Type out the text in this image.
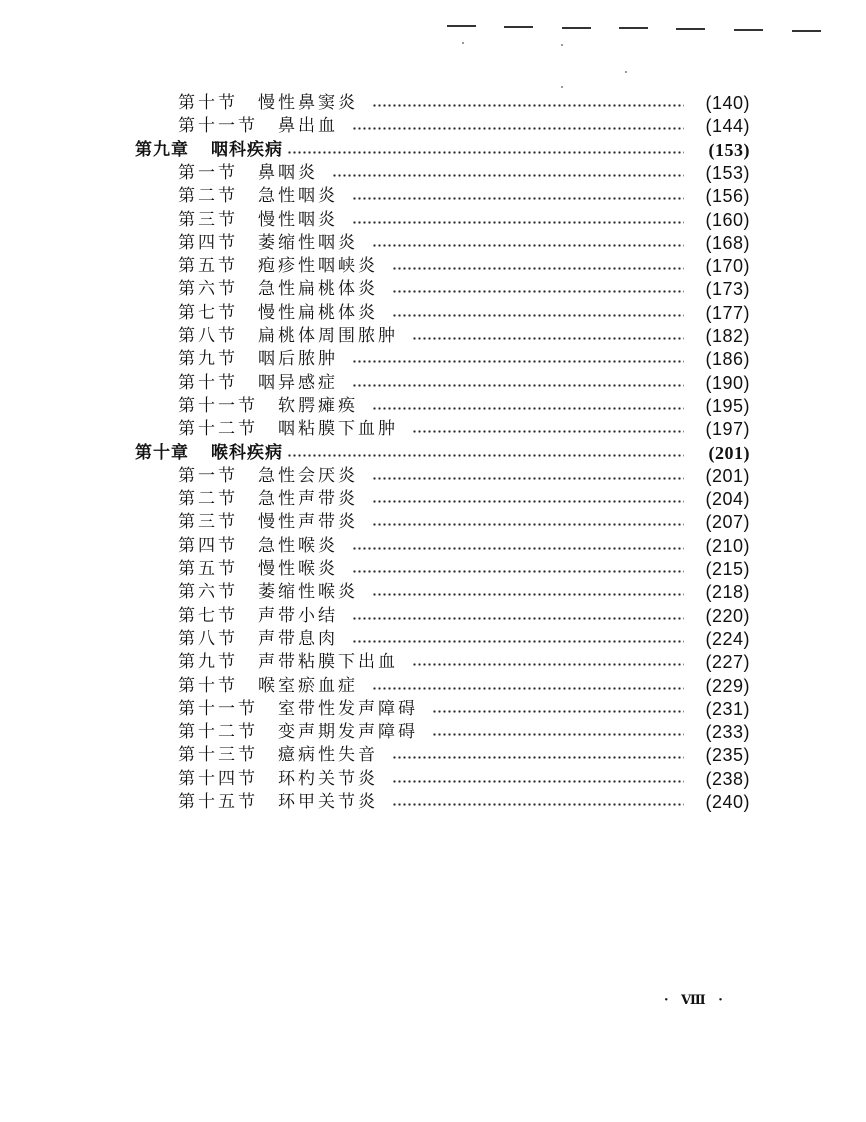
第十节 慢性鼻窦炎	(140)
第十一节 鼻出血	(144)
第九章 咽科疾病	(153)
第一节 鼻咽炎	(153)
第二节 急性咽炎	(156)
第三节 慢性咽炎	(160)
第四节 萎缩性咽炎	(168)
第五节 疱疹性咽峡炎	(170)
第六节 急性扁桃体炎	(173)
第七节 慢性扁桃体炎	(177)
第八节 扁桃体周围脓肿	(182)
第九节 咽后脓肿	(186)
第十节 咽异感症	(190)
第十一节 软腭瘫痪	(195)
第十二节 咽粘膜下血肿	(197)
第十章 喉科疾病	(201)
第一节 急性会厌炎	(201)
第二节 急性声带炎	(204)
第三节 慢性声带炎	(207)
第四节 急性喉炎	(210)
第五节 慢性喉炎	(215)
第六节 萎缩性喉炎	(218)
第七节 声带小结	(220)
第八节 声带息肉	(224)
第九节 声带粘膜下出血	(227)
第十节 喉室瘀血症	(229)
第十一节 室带性发声障碍	(231)
第十二节 变声期发声障碍	(233)
第十三节 癔病性失音	(235)
第十四节 环杓关节炎	(238)
第十五节 环甲关节炎	(240)
· Ⅷ ·
